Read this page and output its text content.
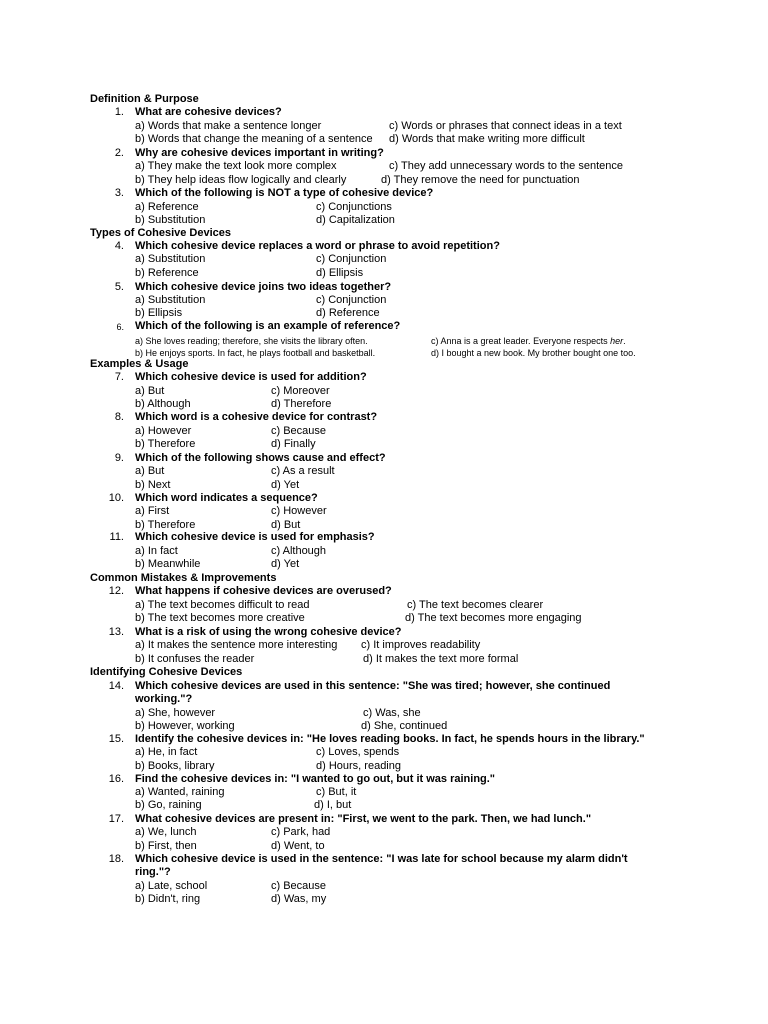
Definition & Purpose
1. What are cohesive devices?
a) Words that make a sentence longer
b) Words that change the meaning of a sentence
c) Words or phrases that connect ideas in a text
d) Words that make writing more difficult
2. Why are cohesive devices important in writing?
a) They make the text look more complex
b) They help ideas flow logically and clearly
c) They add unnecessary words to the sentence
d) They remove the need for punctuation
3. Which of the following is NOT a type of cohesive device?
a) Reference
b) Substitution
c) Conjunctions
d) Capitalization
Types of Cohesive Devices
4. Which cohesive device replaces a word or phrase to avoid repetition?
a) Substitution
b) Reference
c) Conjunction
d) Ellipsis
5. Which cohesive device joins two ideas together?
a) Substitution
b) Ellipsis
c) Conjunction
d) Reference
6. Which of the following is an example of reference?
a) She loves reading; therefore, she visits the library often.
b) He enjoys sports. In fact, he plays football and basketball.
c) Anna is a great leader. Everyone respects her.
d) I bought a new book. My brother bought one too.
Examples & Usage
7. Which cohesive device is used for addition?
a) But
b) Although
c) Moreover
d) Therefore
8. Which word is a cohesive device for contrast?
a) However
b) Therefore
c) Because
d) Finally
9. Which of the following shows cause and effect?
a) But
b) Next
c) As a result
d) Yet
10. Which word indicates a sequence?
a) First
b) Therefore
c) However
d) But
11. Which cohesive device is used for emphasis?
a) In fact
b) Meanwhile
c) Although
d) Yet
Common Mistakes & Improvements
12. What happens if cohesive devices are overused?
a) The text becomes difficult to read
b) The text becomes more creative
c) The text becomes clearer
d) The text becomes more engaging
13. What is a risk of using the wrong cohesive device?
a) It makes the sentence more interesting
b) It confuses the reader
c) It improves readability
d) It makes the text more formal
Identifying Cohesive Devices
14. Which cohesive devices are used in this sentence: "She was tired; however, she continued working."?
a) She, however
b) However, working
c) Was, she
d) She, continued
15. Identify the cohesive devices in: "He loves reading books. In fact, he spends hours in the library."
a) He, in fact
b) Books, library
c) Loves, spends
d) Hours, reading
16. Find the cohesive devices in: "I wanted to go out, but it was raining."
a) Wanted, raining
b) Go, raining
c) But, it
d) I, but
17. What cohesive devices are present in: "First, we went to the park. Then, we had lunch."
a) We, lunch
b) First, then
c) Park, had
d) Went, to
18. Which cohesive device is used in the sentence: "I was late for school because my alarm didn't ring."?
a) Late, school
b) Didn't, ring
c) Because
d) Was, my
